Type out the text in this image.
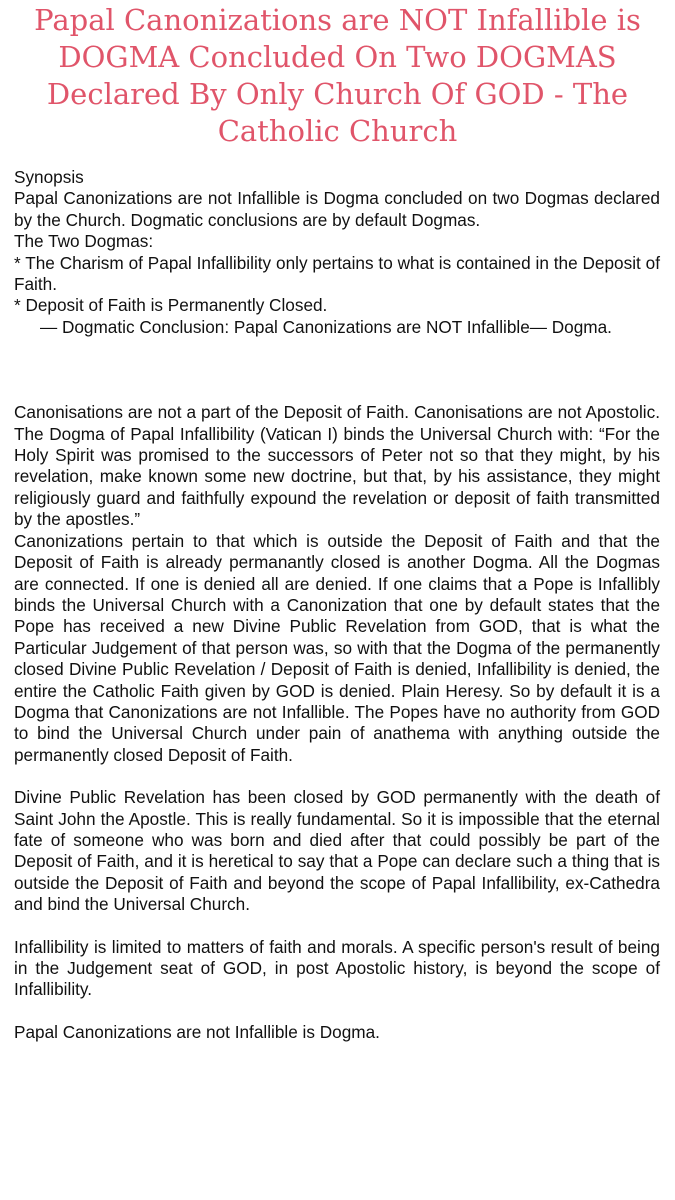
Papal Canonizations are NOT Infallible is DOGMA Concluded On Two DOGMAS Declared By Only Church Of GOD - The Catholic Church

Synopsis

Papal Canonizations are not Infallible is Dogma concluded on two Dogmas declared by the Church. Dogmatic conclusions are by default Dogmas.

The Two Dogmas:

* The Charism of Papal Infallibility only pertains to what is contained in the Deposit of Faith.

* Deposit of Faith is Permanently Closed.

— Dogmatic Conclusion: Papal Canonizations are NOT Infallible— Dogma.

Canonisations are not a part of the Deposit of Faith. Canonisations are not Apostolic. The Dogma of Papal Infallibility (Vatican I) binds the Universal Church with: “For the Holy Spirit was promised to the successors of Peter not so that they might, by his revelation, make known some new doctrine, but that, by his assistance, they might religiously guard and faithfully expound the revelation or deposit of faith transmitted by the apostles.”

Canonizations pertain to that which is outside the Deposit of Faith and that the Deposit of Faith is already permanantly closed is another Dogma. All the Dogmas are connected. If one is denied all are denied. If one claims that a Pope is Infallibly binds the Universal Church with a Canonization that one by default states that the Pope has received a new Divine Public Revelation from GOD, that is what the Particular Judgement of that person was, so with that the Dogma of the permanently closed Divine Public Revelation / Deposit of Faith is denied, Infallibility is denied, the entire the Catholic Faith given by GOD is denied. Plain Heresy. So by default it is a Dogma that Canonizations are not Infallible. The Popes have no authority from GOD to bind the Universal Church under pain of anathema with anything outside the permanently closed Deposit of Faith.

Divine Public Revelation has been closed by GOD permanently with the death of Saint John the Apostle. This is really fundamental. So it is impossible that the eternal fate of someone who was born and died after that could possibly be part of the Deposit of Faith, and it is heretical to say that a Pope can declare such a thing that is outside the Deposit of Faith and beyond the scope of Papal Infallibility, ex-Cathedra and bind the Universal Church.

Infallibility is limited to matters of faith and morals. A specific person's result of being in the Judgement seat of GOD, in post Apostolic history, is beyond the scope of Infallibility.

Papal Canonizations are not Infallible is Dogma.
